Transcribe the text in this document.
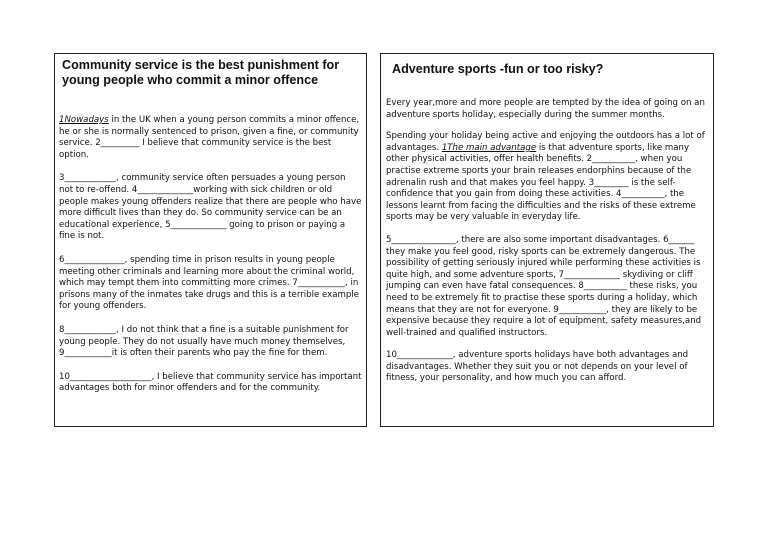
Community service is the best punishment for young people who commit a minor offence

1Nowadays in the UK when a young person commits a minor offence, he or she is normally sentenced to prison, given a fine, or community service. 2_________ I believe that community service is the best option.

3____________, community service often persuades a young person not to re-offend. 4_____________working with sick children or old people makes young offenders realize that there are people who have more difficult lives than they do. So community service can be an educational experience, 5_____________ going to prison or paying a fine is not.

6______________, spending time in prison results in young people meeting other criminals and learning more about the criminal world, which may tempt them into committing more crimes. 7___________, in prisons many of the inmates take drugs and this is a terrible example for young offenders.

8____________, I do not think that a fine is a suitable punishment for young people. They do not usually have much money themselves, 9___________it is often their parents who pay the fine for them.

10___________________, I believe that community service has important advantages both for minor offenders and for the community.

Adventure sports -fun or too risky?

Every year,more and more people are tempted by the idea of going on an adventure sports holiday, especially during the summer months.

Spending your holiday being active and enjoying the outdoors has a lot of advantages. 1The main advantage is that adventure sports, like many other physical activities, offer health benefits. 2__________, when you practise extreme sports your brain releases endorphins because of the adrenalin rush and that makes you feel happy. 3________ is the self-confidence that you gain from doing these activities. 4__________, the lessons learnt from facing the difficulties and the risks of these extreme sports may be very valuable in everyday life.

5_______________, there are also some important disadvantages. 6______ they make you feel good, risky sports can be extremely dangerous. The possibility of getting seriously injured while performing these activities is quite high, and some adventure sports, 7_____________ skydiving or cliff jumping can even have fatal consequences. 8__________ these risks, you need to be extremely fit to practise these sports during a holiday, which means that they are not for everyone. 9___________, they are likely to be expensive because they require a lot of equipment, safety measures,and well-trained and qualified instructors.

10_____________, adventure sports holidays have both advantages and disadvantages. Whether they suit you or not depends on your level of fitness, your personality, and how much you can afford.
